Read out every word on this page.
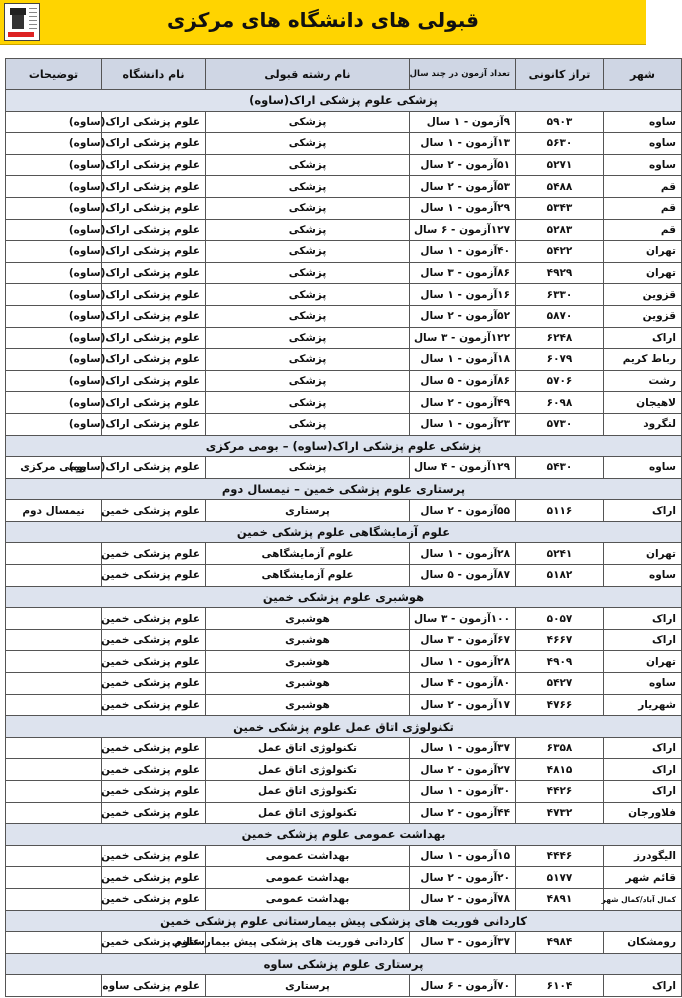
قبولی های دانشگاه های مرکزی
شهر	تراز کانونی	تعداد آزمون در چند سال	نام رشته قبولی	نام دانشگاه	توضیحات
پزشکی علوم پزشکی اراک(ساوه)					
ساوه	۵۹۰۳	۹آزمون - ۱ سال	پزشکی	علوم پزشکی اراک(ساوه)	
ساوه	۵۶۳۰	۱۳آزمون - ۱ سال	پزشکی	علوم پزشکی اراک(ساوه)	
ساوه	۵۲۷۱	۵۱آزمون - ۲ سال	پزشکی	علوم پزشکی اراک(ساوه)	
قم	۵۴۸۸	۵۳آزمون - ۲ سال	پزشکی	علوم پزشکی اراک(ساوه)	
قم	۵۳۴۳	۲۹آزمون - ۱ سال	پزشکی	علوم پزشکی اراک(ساوه)	
قم	۵۲۸۳	۱۲۷آزمون - ۶ سال	پزشکی	علوم پزشکی اراک(ساوه)	
تهران	۵۴۲۲	۴۰آزمون - ۱ سال	پزشکی	علوم پزشکی اراک(ساوه)	
تهران	۴۹۲۹	۸۶آزمون - ۳ سال	پزشکی	علوم پزشکی اراک(ساوه)	
قزوین	۶۳۳۰	۱۶آزمون - ۱ سال	پزشکی	علوم پزشکی اراک(ساوه)	
قزوین	۵۸۷۰	۵۲آزمون - ۲ سال	پزشکی	علوم پزشکی اراک(ساوه)	
اراک	۶۲۴۸	۱۲۲آزمون - ۳ سال	پزشکی	علوم پزشکی اراک(ساوه)	
رباط کریم	۶۰۷۹	۱۸آزمون - ۱ سال	پزشکی	علوم پزشکی اراک(ساوه)	
رشت	۵۷۰۶	۸۶آزمون - ۵ سال	پزشکی	علوم پزشکی اراک(ساوه)	
لاهیجان	۶۰۹۸	۴۹آزمون - ۲ سال	پزشکی	علوم پزشکی اراک(ساوه)	
لنگرود	۵۷۳۰	۲۳آزمون - ۱ سال	پزشکی	علوم پزشکی اراک(ساوه)	
پزشکی علوم پزشکی اراک(ساوه) – بومی مرکزی					
ساوه	۵۴۳۰	۱۲۹آزمون - ۴ سال	پزشکی	علوم پزشکی اراک(ساوه)	بومی مرکزی
پرستاری علوم پزشکی خمین – نیمسال دوم					
اراک	۵۱۱۶	۵۵آزمون - ۲ سال	پرستاری	علوم پزشکی خمین	نیمسال دوم
علوم آزمایشگاهی علوم پزشکی خمین					
تهران	۵۲۴۱	۲۸آزمون - ۱ سال	علوم آزمایشگاهی	علوم پزشکی خمین	
ساوه	۵۱۸۲	۸۷آزمون - ۵ سال	علوم آزمایشگاهی	علوم پزشکی خمین	
هوشبری علوم پزشکی خمین					
اراک	۵۰۵۷	۱۰۰آزمون - ۳ سال	هوشبری	علوم پزشکی خمین	
اراک	۴۶۶۷	۶۷آزمون - ۳ سال	هوشبری	علوم پزشکی خمین	
تهران	۴۹۰۹	۲۸آزمون - ۱ سال	هوشبری	علوم پزشکی خمین	
ساوه	۵۴۲۷	۸۰آزمون - ۴ سال	هوشبری	علوم پزشکی خمین	
شهریار	۴۷۶۶	۱۷آزمون - ۲ سال	هوشبری	علوم پزشکی خمین	
تکنولوژی اتاق عمل علوم پزشکی خمین					
اراک	۶۳۵۸	۳۷آزمون - ۱ سال	تکنولوژی اتاق عمل	علوم پزشکی خمین	
اراک	۴۸۱۵	۲۷آزمون - ۲ سال	تکنولوژی اتاق عمل	علوم پزشکی خمین	
اراک	۴۴۲۶	۳۰آزمون - ۱ سال	تکنولوژی اتاق عمل	علوم پزشکی خمین	
فلاورجان	۴۷۳۲	۴۴آزمون - ۲ سال	تکنولوژی اتاق عمل	علوم پزشکی خمین	
بهداشت عمومی علوم پزشکی خمین					
الیگودرز	۴۴۴۶	۱۵آزمون - ۱ سال	بهداشت عمومی	علوم پزشکی خمین	
قائم شهر	۵۱۷۷	۲۰آزمون - ۲ سال	بهداشت عمومی	علوم پزشکی خمین	
کمال آباد/کمال شهر	۴۸۹۱	۷۸آزمون - ۲ سال	بهداشت عمومی	علوم پزشکی خمین	
کاردانی فوریت های پزشکی پیش بیمارستانی علوم پزشکی خمین					
رومشکان	۴۹۸۴	۳۷آزمون - ۳ سال	کاردانی فوریت های پزشکی پیش بیمارستانی	علوم پزشکی خمین	
پرستاری علوم پزشکی ساوه					
اراک	۶۱۰۴	۷۰آزمون - ۶ سال	پرستاری	علوم پزشکی ساوه	
